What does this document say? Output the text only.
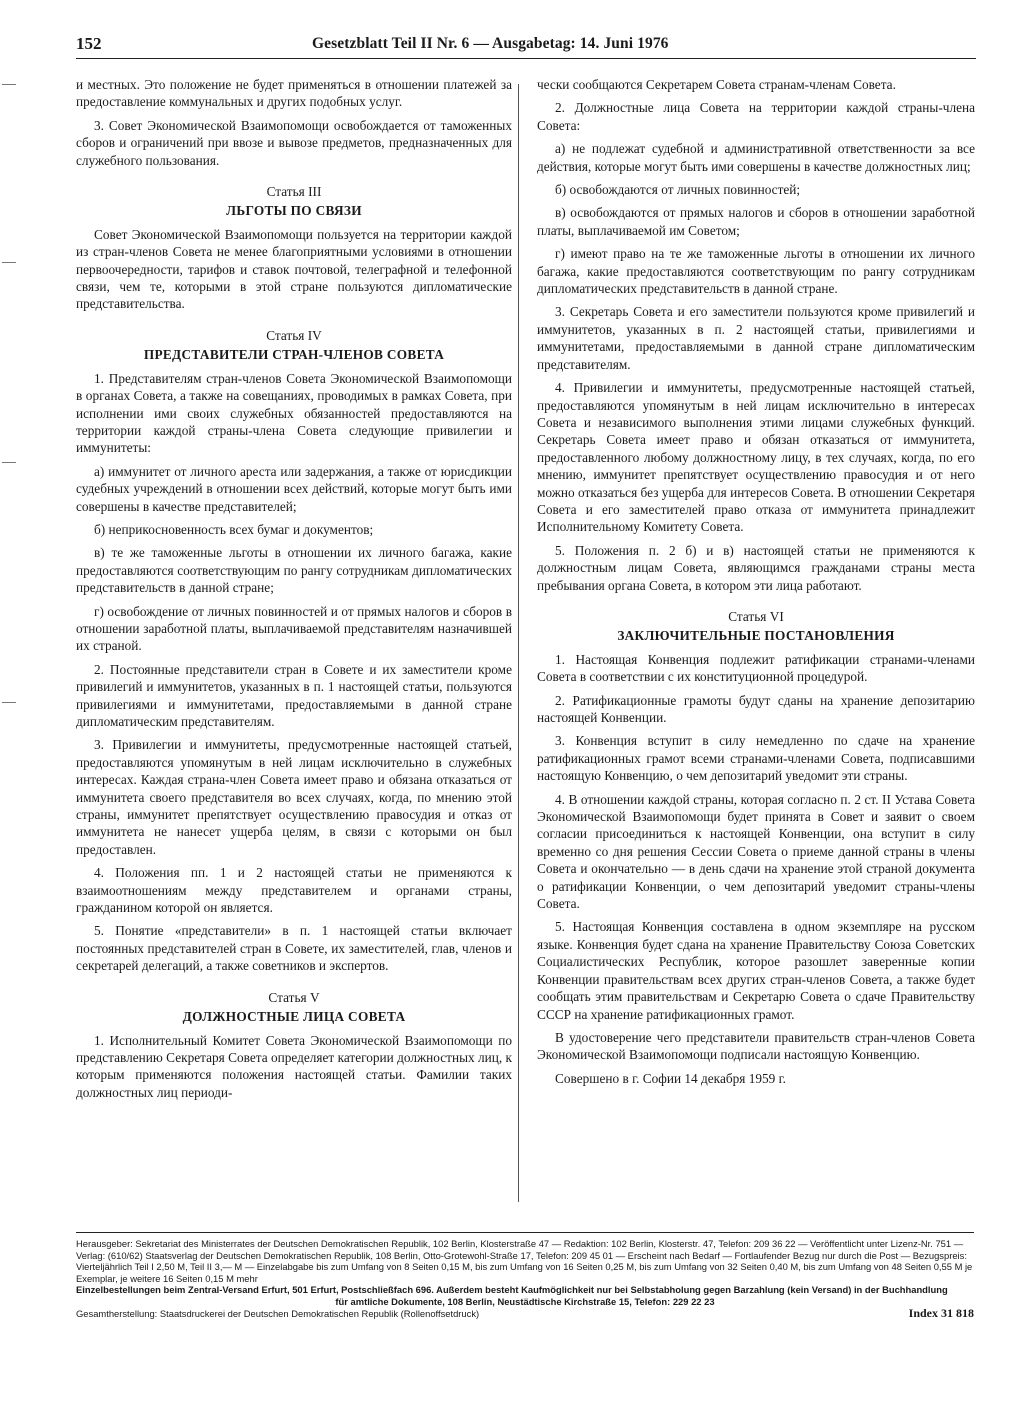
152	Gesetzblatt Teil II Nr. 6 — Ausgabetag: 14. Juni 1976

и местных. Это положение не будет применяться в отношении платежей за предоставление коммунальных и других подобных услуг.

3. Совет Экономической Взаимопомощи освобождается от таможенных сборов и ограничений при ввозе и вывозе предметов, предназначенных для служебного пользования.

Статья III
ЛЬГОТЫ ПО СВЯЗИ

Совет Экономической Взаимопомощи пользуется на территории каждой из стран-членов Совета не менее благоприятными условиями в отношении первоочередности, тарифов и ставок почтовой, телеграфной и телефонной связи, чем те, которыми в этой стране пользуются дипломатические представительства.

Статья IV
ПРЕДСТАВИТЕЛИ СТРАН-ЧЛЕНОВ СОВЕТА

1. Представителям стран-членов Совета Экономической Взаимопомощи в органах Совета, а также на совещаниях, проводимых в рамках Совета, при исполнении ими своих служебных обязанностей предоставляются на территории каждой страны-члена Совета следующие привилегии и иммунитеты:

а) иммунитет от личного ареста или задержания, а также от юрисдикции судебных учреждений в отношении всех действий, которые могут быть ими совершены в качестве представителей;

б) неприкосновенность всех бумаг и документов;

в) те же таможенные льготы в отношении их личного багажа, какие предоставляются соответствующим по рангу сотрудникам дипломатических представительств в данной стране;

г) освобождение от личных повинностей и от прямых налогов и сборов в отношении заработной платы, выплачиваемой представителям назначившей их страной.

2. Постоянные представители стран в Совете и их заместители кроме привилегий и иммунитетов, указанных в п. 1 настоящей статьи, пользуются привилегиями и иммунитетами, предоставляемыми в данной стране дипломатическим представителям.

3. Привилегии и иммунитеты, предусмотренные настоящей статьей, предоставляются упомянутым в ней лицам исключительно в служебных интересах. Каждая страна-член Совета имеет право и обязана отказаться от иммунитета своего представителя во всех случаях, когда, по мнению этой страны, иммунитет препятствует осуществлению правосудия и отказ от иммунитета не нанесет ущерба целям, в связи с которыми он был предоставлен.

4. Положения пп. 1 и 2 настоящей статьи не применяются к взаимоотношениям между представителем и органами страны, гражданином которой он является.

5. Понятие «представители» в п. 1 настоящей статьи включает постоянных представителей стран в Совете, их заместителей, глав, членов и секретарей делегаций, а также советников и экспертов.

Статья V
ДОЛЖНОСТНЫЕ ЛИЦА СОВЕТА

1. Исполнительный Комитет Совета Экономической Взаимопомощи по представлению Секретаря Совета определяет категории должностных лиц, к которым применяются положения настоящей статьи. Фамилии таких должностных лиц периоди-

чески сообщаются Секретарем Совета странам-членам Совета.

2. Должностные лица Совета на территории каждой страны-члена Совета:

а) не подлежат судебной и административной ответственности за все действия, которые могут быть ими совершены в качестве должностных лиц;

б) освобождаются от личных повинностей;

в) освобождаются от прямых налогов и сборов в отношении заработной платы, выплачиваемой им Советом;

г) имеют право на те же таможенные льготы в отношении их личного багажа, какие предоставляются соответствующим по рангу сотрудникам дипломатических представительств в данной стране.

3. Секретарь Совета и его заместители пользуются кроме привилегий и иммунитетов, указанных в п. 2 настоящей статьи, привилегиями и иммунитетами, предоставляемыми в данной стране дипломатическим представителям.

4. Привилегии и иммунитеты, предусмотренные настоящей статьей, предоставляются упомянутым в ней лицам исключительно в интересах Совета и независимого выполнения этими лицами служебных функций. Секретарь Совета имеет право и обязан отказаться от иммунитета, предоставленного любому должностному лицу, в тех случаях, когда, по его мнению, иммунитет препятствует осуществлению правосудия и от него можно отказаться без ущерба для интересов Совета. В отношении Секретаря Совета и его заместителей право отказа от иммунитета принадлежит Исполнительному Комитету Совета.

5. Положения п. 2 б) и в) настоящей статьи не применяются к должностным лицам Совета, являющимся гражданами страны места пребывания органа Совета, в котором эти лица работают.

Статья VI
ЗАКЛЮЧИТЕЛЬНЫЕ ПОСТАНОВЛЕНИЯ

1. Настоящая Конвенция подлежит ратификации странами-членами Совета в соответствии с их конституционной процедурой.

2. Ратификационные грамоты будут сданы на хранение депозитарию настоящей Конвенции.

3. Конвенция вступит в силу немедленно по сдаче на хранение ратификационных грамот всеми странами-членами Совета, подписавшими настоящую Конвенцию, о чем депозитарий уведомит эти страны.

4. В отношении каждой страны, которая согласно п. 2 ст. II Устава Совета Экономической Взаимопомощи будет принята в Совет и заявит о своем согласии присоединиться к настоящей Конвенции, она вступит в силу временно со дня решения Сессии Совета о приеме данной страны в члены Совета и окончательно — в день сдачи на хранение этой страной документа о ратификации Конвенции, о чем депозитарий уведомит страны-члены Совета.

5. Настоящая Конвенция составлена в одном экземпляре на русском языке. Конвенция будет сдана на хранение Правительству Союза Советских Социалистических Республик, которое разошлет заверенные копии Конвенции правительствам всех других стран-членов Совета, а также будет сообщать этим правительствам и Секретарю Совета о сдаче Правительству СССР на хранение ратификационных грамот.

В удостоверение чего представители правительств стран-членов Совета Экономической Взаимопомощи подписали настоящую Конвенцию.

Совершено в г. Софии 14 декабря 1959 г.

Herausgeber: Sekretariat des Ministerrates der Deutschen Demokratischen Republik, 102 Berlin, Klosterstraße 47 — Redaktion: 102 Berlin, Klosterstr. 47, Telefon: 209 36 22 — Veröffentlicht unter Lizenz-Nr. 751 — Verlag: (610/62) Staatsverlag der Deutschen Demokratischen Republik, 108 Berlin, Otto-Grotewohl-Straße 17, Telefon: 209 45 01 — Erscheint nach Bedarf — Fortlaufender Bezug nur durch die Post — Bezugspreis: Vierteljährlich Teil I 2,50 M, Teil II 3,— M — Einzelabgabe bis zum Umfang von 8 Seiten 0,15 M, bis zum Umfang von 16 Seiten 0,25 M, bis zum Umfang von 32 Seiten 0,40 M, bis zum Umfang von 48 Seiten 0,55 M je Exemplar, je weitere 16 Seiten 0,15 M mehr
Einzelbestellungen beim Zentral-Versand Erfurt, 501 Erfurt, Postschließfach 696. Außerdem besteht Kaufmöglichkeit nur bei Selbstabholung gegen Barzahlung (kein Versand) in der Buchhandlung
für amtliche Dokumente, 108 Berlin, Neustädtische Kirchstraße 15, Telefon: 229 22 23
Gesamtherstellung: Staatsdruckerei der Deutschen Demokratischen Republik (Rollenoffsetdruck)	Index 31 818
